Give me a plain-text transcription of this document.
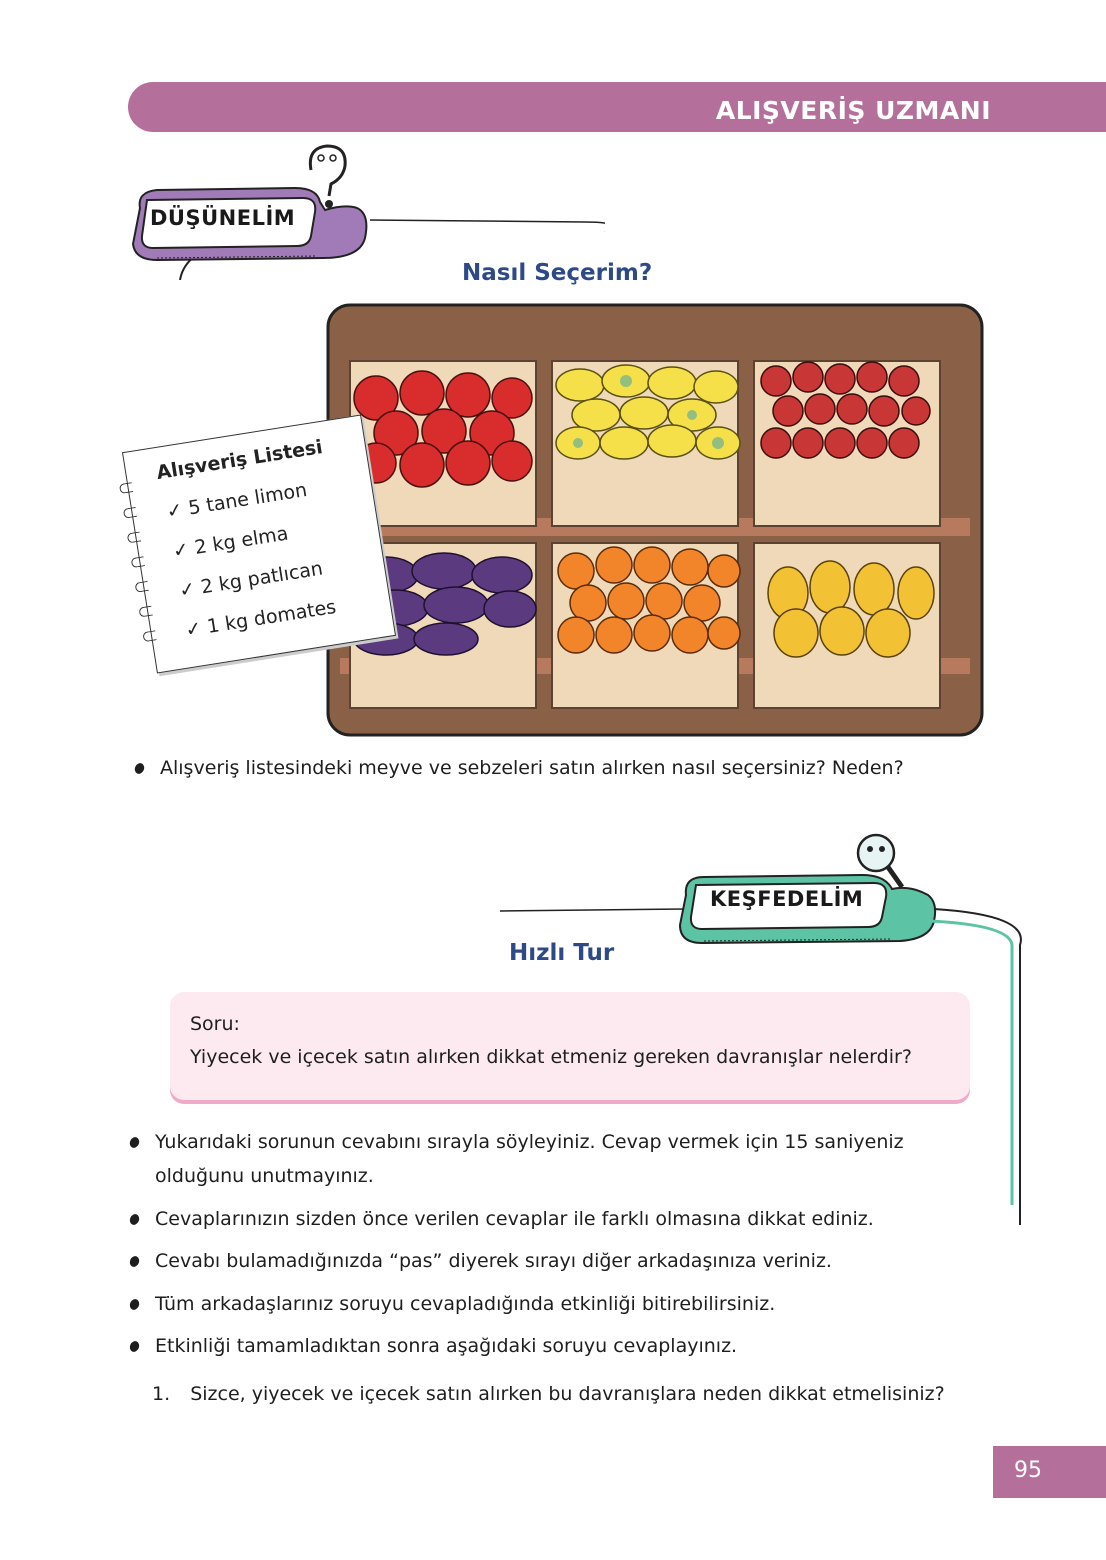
ALIŞVERİŞ UZMANI
DÜŞÜNELİM
Nasıl Seçerim?
Alışveriş Listesi
✓ 5 tane limon
✓ 2 kg elma
✓ 2 kg patlıcan
✓ 1 kg domates
Alışveriş listesindeki meyve ve sebzeleri satın alırken nasıl seçersiniz? Neden?
KEŞFEDELİM
Hızlı Tur
Soru:
Yiyecek ve içecek satın alırken dikkat etmeniz gereken davranışlar nelerdir?
Yukarıdaki sorunun cevabını sırayla söyleyiniz. Cevap vermek için 15 saniyeniz
olduğunu unutmayınız.
Cevaplarınızın sizden önce verilen cevaplar ile farklı olmasına dikkat ediniz.
Cevabı bulamadığınızda “pas” diyerek sırayı diğer arkadaşınıza veriniz.
Tüm arkadaşlarınız soruyu cevapladığında etkinliği bitirebilirsiniz.
Etkinliği tamamladıktan sonra aşağıdaki soruyu cevaplayınız.
1. Sizce, yiyecek ve içecek satın alırken bu davranışlara neden dikkat etmelisiniz?
95
